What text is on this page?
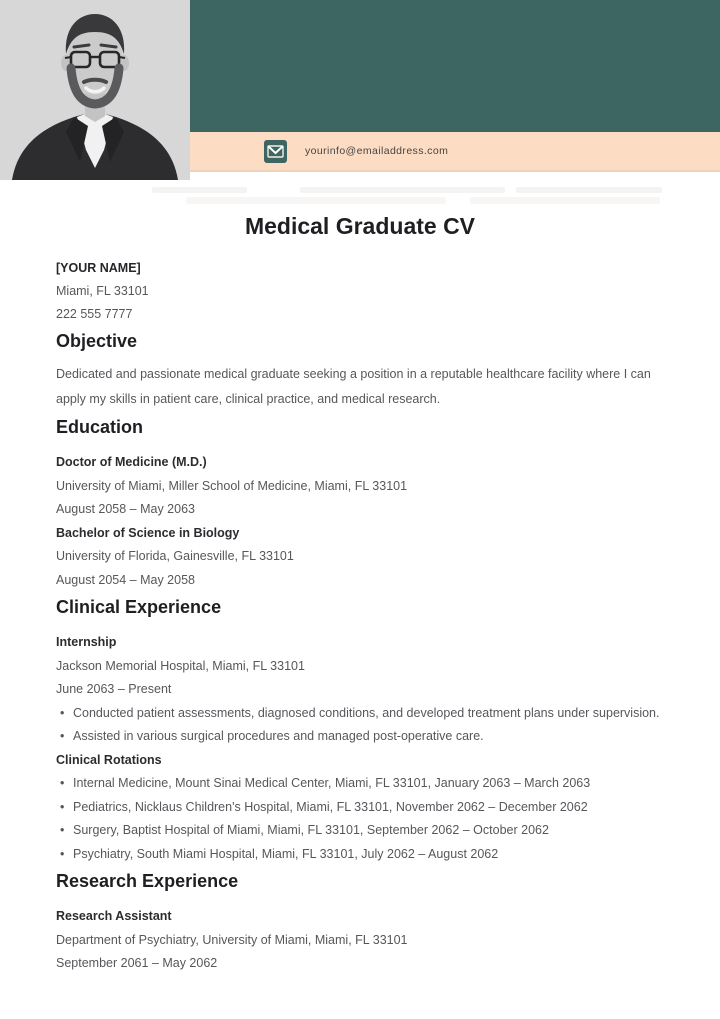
yourinfo@emailaddress.com
Medical Graduate CV
[YOUR NAME]
Miami, FL 33101
222 555 7777
Objective

Dedicated and passionate medical graduate seeking a position in a reputable healthcare facility where I can apply my skills in patient care, clinical practice, and medical research.

Education
Doctor of Medicine (M.D.)
University of Miami, Miller School of Medicine, Miami, FL 33101
August 2058 – May 2063
Bachelor of Science in Biology
University of Florida, Gainesville, FL 33101
August 2054 – May 2058
Clinical Experience
Internship
Jackson Memorial Hospital, Miami, FL 33101
June 2063 – Present
• Conducted patient assessments, diagnosed conditions, and developed treatment plans under supervision.
• Assisted in various surgical procedures and managed post-operative care.
Clinical Rotations
• Internal Medicine, Mount Sinai Medical Center, Miami, FL 33101, January 2063 – March 2063
• Pediatrics, Nicklaus Children's Hospital, Miami, FL 33101, November 2062 – December 2062
• Surgery, Baptist Hospital of Miami, Miami, FL 33101, September 2062 – October 2062
• Psychiatry, South Miami Hospital, Miami, FL 33101, July 2062 – August 2062
Research Experience
Research Assistant
Department of Psychiatry, University of Miami, Miami, FL 33101
September 2061 – May 2062
